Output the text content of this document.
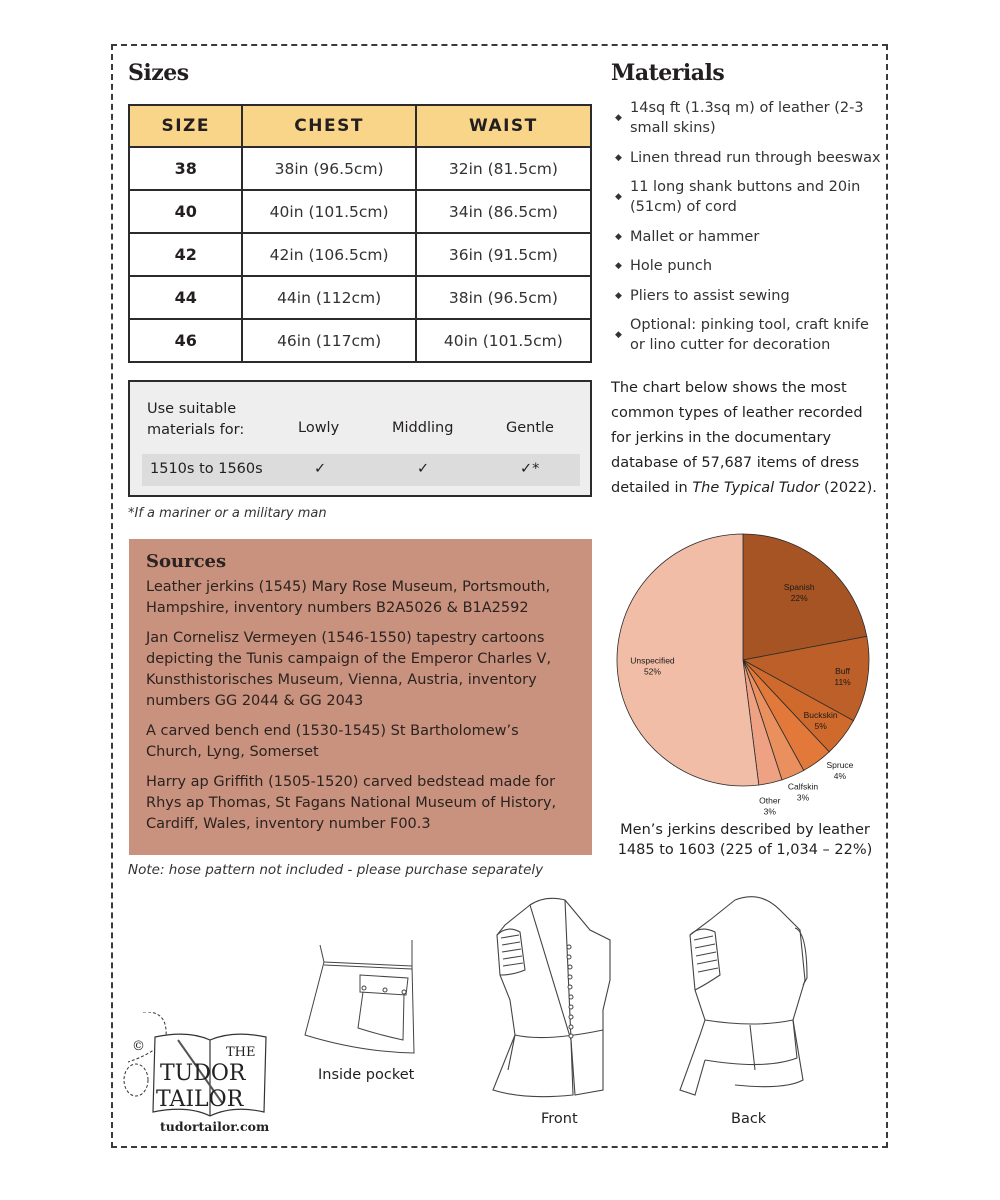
Sizes
SIZE	CHEST	WAIST
38	38in (96.5cm)	32in (81.5cm)
40	40in (101.5cm)	34in (86.5cm)
42	42in (106.5cm)	36in (91.5cm)
44	44in (112cm)	38in (96.5cm)
46	46in (117cm)	40in (101.5cm)
Use suitable
materials for:	Lowly	Middling	Gentle
1510s to 1560s	✓	✓	✓*
*If a mariner or a military man
Sources

Leather jerkins (1545) Mary Rose Museum, Portsmouth, Hampshire, inventory numbers B2A5026 & B1A2592

Jan Cornelisz Vermeyen (1546-1550) tapestry cartoons depicting the Tunis campaign of the Emperor Charles V, Kunsthistorisches Museum, Vienna, Austria, inventory numbers GG 2044 & GG 2043

A carved bench end (1530-1545) St Bartholomew’s Church, Lyng, Somerset

Harry ap Griffith (1505-1520) carved bedstead made for Rhys ap Thomas, St Fagans National Museum of History, Cardiff, Wales, inventory number F00.3

Note: hose pattern not included - please purchase separately
Materials
◆
14sq ft (1.3sq m) of leather (2-3 small skins)
◆ Linen thread run through beeswax
◆
11 long shank buttons and 20in (51cm) of cord
◆ Mallet or hammer
◆ Hole punch
◆ Pliers to assist sewing
◆
Optional: pinking tool, craft knife or lino cutter for decoration
The chart below shows the most common types of leather recorded for jerkins in the documentary database of 57,687 items of dress detailed in The Typical Tudor (2022).
Spanish
22%
Buff
11%
Buckskin
5%
Spruce
4%
Calfskin
3%
Other
3%
Unspecified
52%
Men’s jerkins described by leather
1485 to 1603 (225 of 1,034 – 22%)
Inside pocket
Front	Back
©	THE
TUDOR
TAILOR
tudortailor.com
